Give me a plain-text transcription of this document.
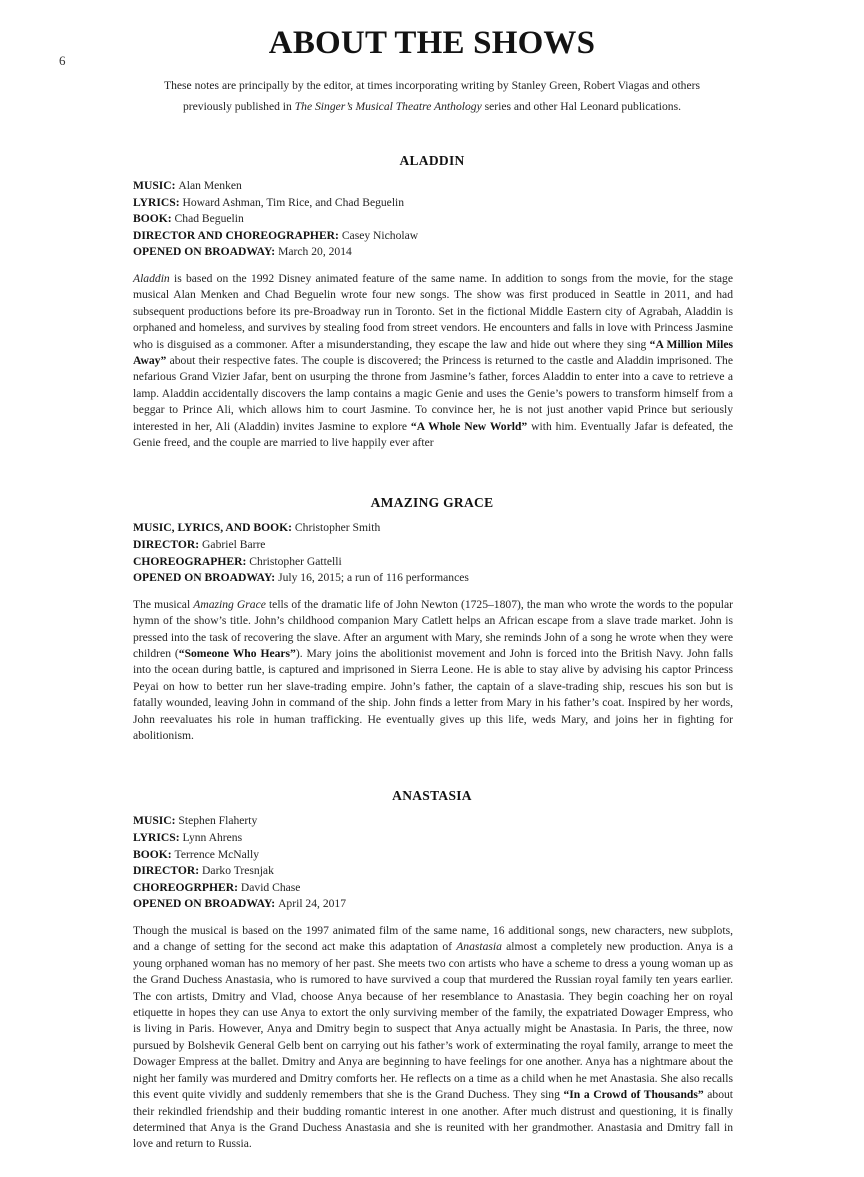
6	ABOUT THE SHOWS

These notes are principally by the editor, at times incorporating writing by Stanley Green, Robert Viagas and others previously published in The Singer’s Musical Theatre Anthology series and other Hal Leonard publications.

ALADDIN
MUSIC: Alan Menken
LYRICS: Howard Ashman, Tim Rice, and Chad Beguelin
BOOK: Chad Beguelin
DIRECTOR AND CHOREOGRAPHER: Casey Nicholaw
OPENED ON BROADWAY: March 20, 2014

Aladdin is based on the 1992 Disney animated feature of the same name. In addition to songs from the movie, for the stage musical Alan Menken and Chad Beguelin wrote four new songs. The show was first produced in Seattle in 2011, and had subsequent productions before its pre-Broadway run in Toronto. Set in the fictional Middle Eastern city of Agrabah, Aladdin is orphaned and homeless, and survives by stealing food from street vendors. He encounters and falls in love with Princess Jasmine who is disguised as a commoner. After a misunderstanding, they escape the law and hide out where they sing “A Million Miles Away” about their respective fates. The couple is discovered; the Princess is returned to the castle and Aladdin imprisoned. The nefarious Grand Vizier Jafar, bent on usurping the throne from Jasmine’s father, forces Aladdin to enter into a cave to retrieve a lamp. Aladdin accidentally discovers the lamp contains a magic Genie and uses the Genie’s powers to transform himself from a beggar to Prince Ali, which allows him to court Jasmine. To convince her, he is not just another vapid Prince but seriously interested in her, Ali (Aladdin) invites Jasmine to explore “A Whole New World” with him. Eventually Jafar is defeated, the Genie freed, and the couple are married to live happily ever after

AMAZING GRACE
MUSIC, LYRICS, AND BOOK: Christopher Smith
DIRECTOR: Gabriel Barre
CHOREOGRAPHER: Christopher Gattelli
OPENED ON BROADWAY: July 16, 2015; a run of 116 performances

The musical Amazing Grace tells of the dramatic life of John Newton (1725–1807), the man who wrote the words to the popular hymn of the show’s title. John’s childhood companion Mary Catlett helps an African escape from a slave trade market. John is pressed into the task of recovering the slave. After an argument with Mary, she reminds John of a song he wrote when they were children (“Someone Who Hears”). Mary joins the abolitionist movement and John is forced into the British Navy. John falls into the ocean during battle, is captured and imprisoned in Sierra Leone. He is able to stay alive by advising his captor Princess Peyai on how to better run her slave-trading empire. John’s father, the captain of a slave-trading ship, rescues his son but is fatally wounded, leaving John in command of the ship. John finds a letter from Mary in his father’s coat. Inspired by her words, John reevaluates his role in human trafficking. He eventually gives up this life, weds Mary, and joins her in fighting for abolitionism.

ANASTASIA
MUSIC: Stephen Flaherty
LYRICS: Lynn Ahrens
BOOK: Terrence McNally
DIRECTOR: Darko Tresnjak
CHOREOGRPHER: David Chase
OPENED ON BROADWAY: April 24, 2017

Though the musical is based on the 1997 animated film of the same name, 16 additional songs, new characters, new subplots, and a change of setting for the second act make this adaptation of Anastasia almost a completely new production. Anya is a young orphaned woman has no memory of her past. She meets two con artists who have a scheme to dress a young woman up as the Grand Duchess Anastasia, who is rumored to have survived a coup that murdered the Russian royal family ten years earlier. The con artists, Dmitry and Vlad, choose Anya because of her resemblance to Anastasia. They begin coaching her on royal etiquette in hopes they can use Anya to extort the only surviving member of the family, the expatriated Dowager Empress, who is living in Paris. However, Anya and Dmitry begin to suspect that Anya actually might be Anastasia. In Paris, the three, now pursued by Bolshevik General Gelb bent on carrying out his father’s work of exterminating the royal family, arrange to meet the Dowager Empress at the ballet. Dmitry and Anya are beginning to have feelings for one another. Anya has a nightmare about the night her family was murdered and Dmitry comforts her. He reflects on a time as a child when he met Anastasia. She also recalls this event quite vividly and suddenly remembers that she is the Grand Duchess. They sing “In a Crowd of Thousands” about their rekindled friendship and their budding romantic interest in one another. After much distrust and questioning, it is finally determined that Anya is the Grand Duchess Anastasia and she is reunited with her grandmother. Anastasia and Dmitry fall in love and return to Russia.
